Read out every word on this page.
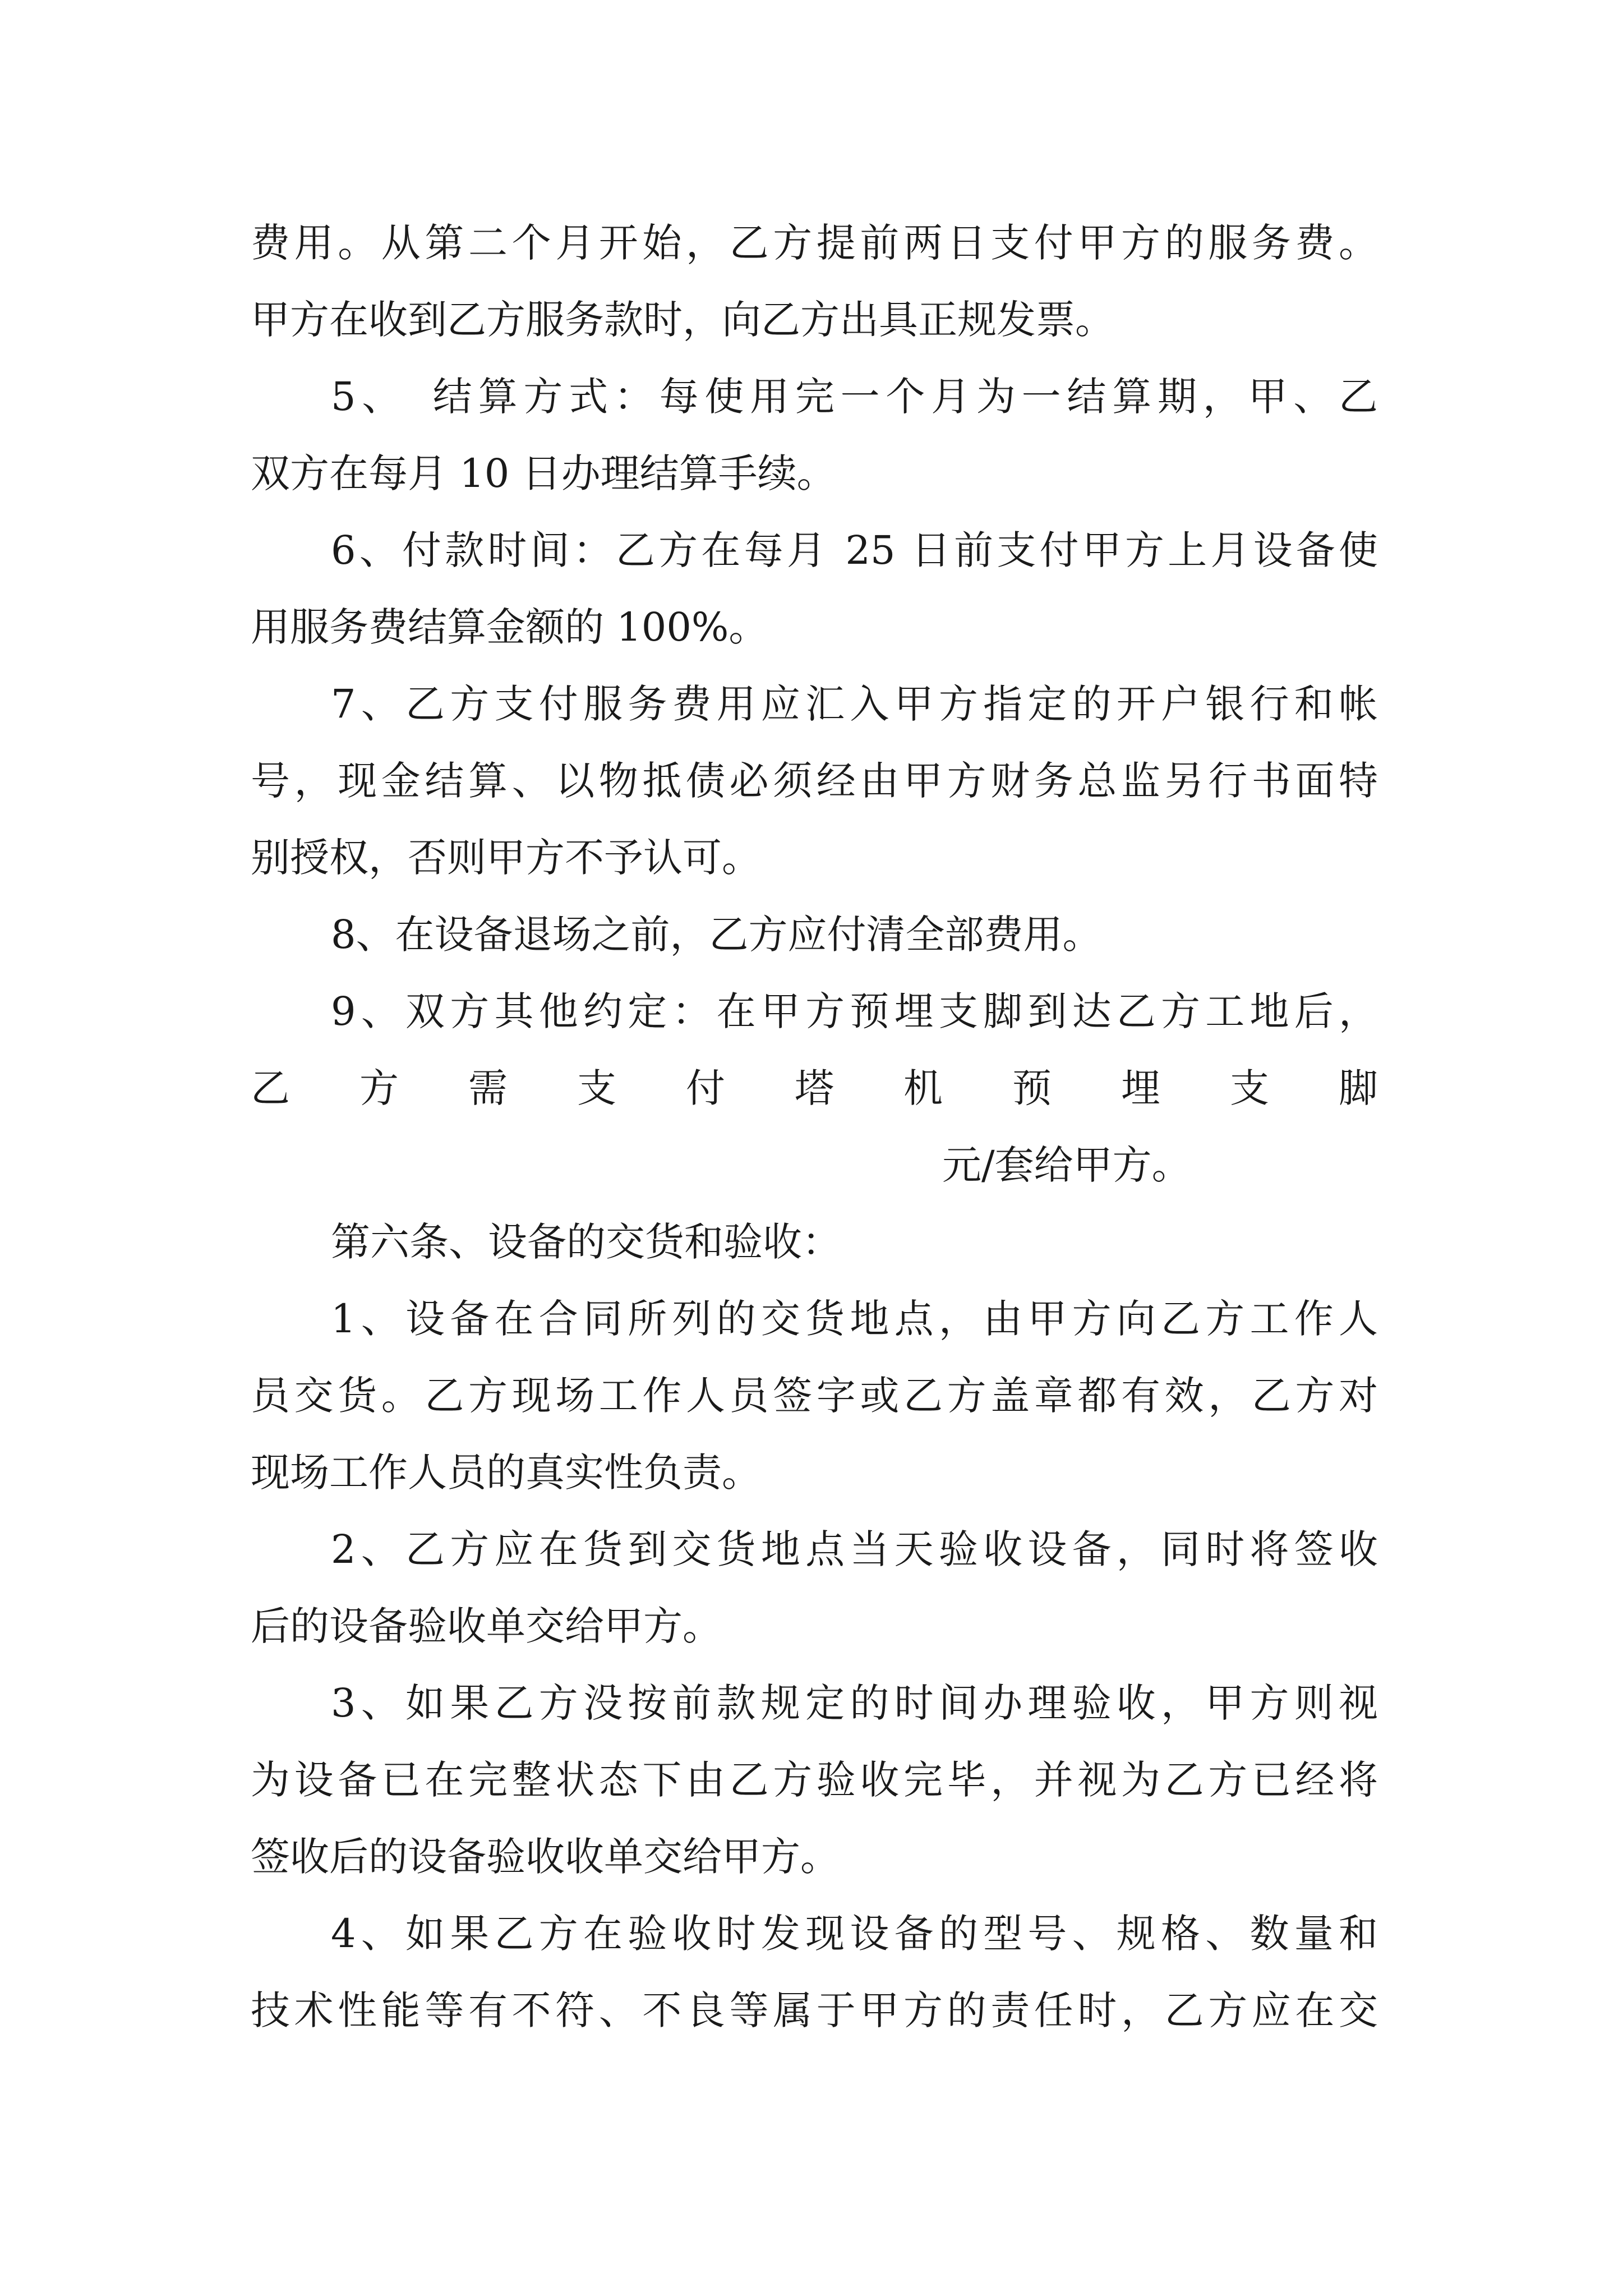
费用。从第二个月开始，乙方提前两日支付甲方的服务费。
甲方在收到乙方服务款时，向乙方出具正规发票。
5、　结算方式：每使用完一个月为一结算期，甲、乙
双方在每月 10 日办理结算手续。
6、付款时间：乙方在每月 25 日前支付甲方上月设备使
用服务费结算金额的 100%。
7、乙方支付服务费用应汇入甲方指定的开户银行和帐
号，现金结算、以物抵债必须经由甲方财务总监另行书面特
别授权，否则甲方不予认可。
8、在设备退场之前，乙方应付清全部费用。
9、双方其他约定：在甲方预埋支脚到达乙方工地后，
乙　方　需　支　付　塔　机　预　埋　支　脚
元/套给甲方。
第六条、设备的交货和验收：
1、设备在合同所列的交货地点，由甲方向乙方工作人
员交货。乙方现场工作人员签字或乙方盖章都有效，乙方对
现场工作人员的真实性负责。
2、乙方应在货到交货地点当天验收设备，同时将签收
后的设备验收单交给甲方。
3、如果乙方没按前款规定的时间办理验收，甲方则视
为设备已在完整状态下由乙方验收完毕，并视为乙方已经将
签收后的设备验收收单交给甲方。
4、如果乙方在验收时发现设备的型号、规格、数量和
技术性能等有不符、不良等属于甲方的责任时，乙方应在交
